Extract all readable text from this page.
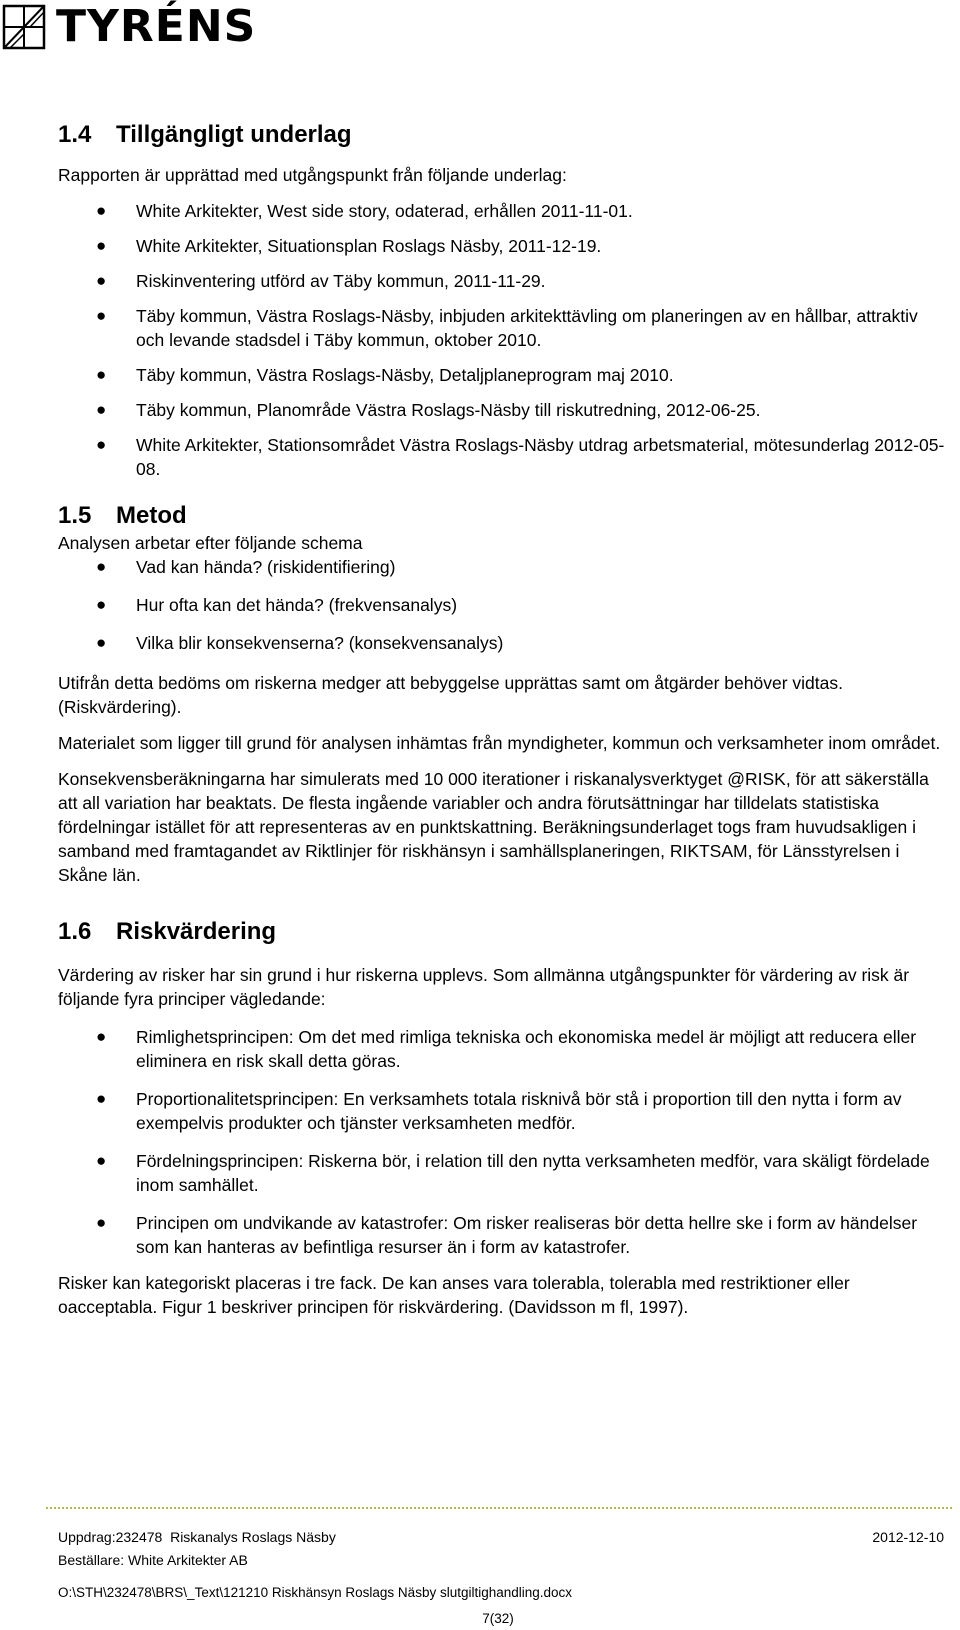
TYRÉNS
1.4 Tillgängligt underlag

Rapporten är upprättad med utgångspunkt från följande underlag:

● White Arkitekter, West side story, odaterad, erhållen 2011-11-01.
● White Arkitekter, Situationsplan Roslags Näsby, 2011-12-19.
● Riskinventering utförd av Täby kommun, 2011-11-29.
● Täby kommun, Västra Roslags-Näsby, inbjuden arkitekttävling om planeringen av en hållbar, attraktiv och levande stadsdel i Täby kommun, oktober 2010.
● Täby kommun, Västra Roslags-Näsby, Detaljplaneprogram maj 2010.
● Täby kommun, Planområde Västra Roslags-Näsby till riskutredning, 2012-06-25.
● White Arkitekter, Stationsområdet Västra Roslags-Näsby utdrag arbetsmaterial, mötesunderlag 2012-05-08.
1.5 Metod

Analysen arbetar efter följande schema

● Vad kan hända? (riskidentifiering)
● Hur ofta kan det hända? (frekvensanalys)
● Vilka blir konsekvenserna? (konsekvensanalys)

Utifrån detta bedöms om riskerna medger att bebyggelse upprättas samt om åtgärder behöver vidtas. (Riskvärdering).

Materialet som ligger till grund för analysen inhämtas från myndigheter, kommun och verksamheter inom området.

Konsekvensberäkningarna har simulerats med 10 000 iterationer i riskanalysverktyget @RISK, för att säkerställa att all variation har beaktats. De flesta ingående variabler och andra förutsättningar har tilldelats statistiska fördelningar istället för att representeras av en punktskattning. Beräkningsunderlaget togs fram huvudsakligen i samband med framtagandet av Riktlinjer för riskhänsyn i samhällsplaneringen, RIKTSAM, för Länsstyrelsen i Skåne län.

1.6 Riskvärdering

Värdering av risker har sin grund i hur riskerna upplevs. Som allmänna utgångspunkter för värdering av risk är följande fyra principer vägledande:

● Rimlighetsprincipen: Om det med rimliga tekniska och ekonomiska medel är möjligt att reducera eller eliminera en risk skall detta göras.
● Proportionalitetsprincipen: En verksamhets totala risknivå bör stå i proportion till den nytta i form av exempelvis produkter och tjänster verksamheten medför.
● Fördelningsprincipen: Riskerna bör, i relation till den nytta verksamheten medför, vara skäligt fördelade inom samhället.
● Principen om undvikande av katastrofer: Om risker realiseras bör detta hellre ske i form av händelser som kan hanteras av befintliga resurser än i form av katastrofer.

Risker kan kategoriskt placeras i tre fack. De kan anses vara tolerabla, tolerabla med restriktioner eller oacceptabla. Figur 1 beskriver principen för riskvärdering. (Davidsson m fl, 1997).

Uppdrag:232478  Riskanalys Roslags Näsby	2012-12-10
Beställare: White Arkitekter AB
O:\STH\232478\BRS\_Text\121210 Riskhänsyn Roslags Näsby slutgiltighandling.docx
7(32)
